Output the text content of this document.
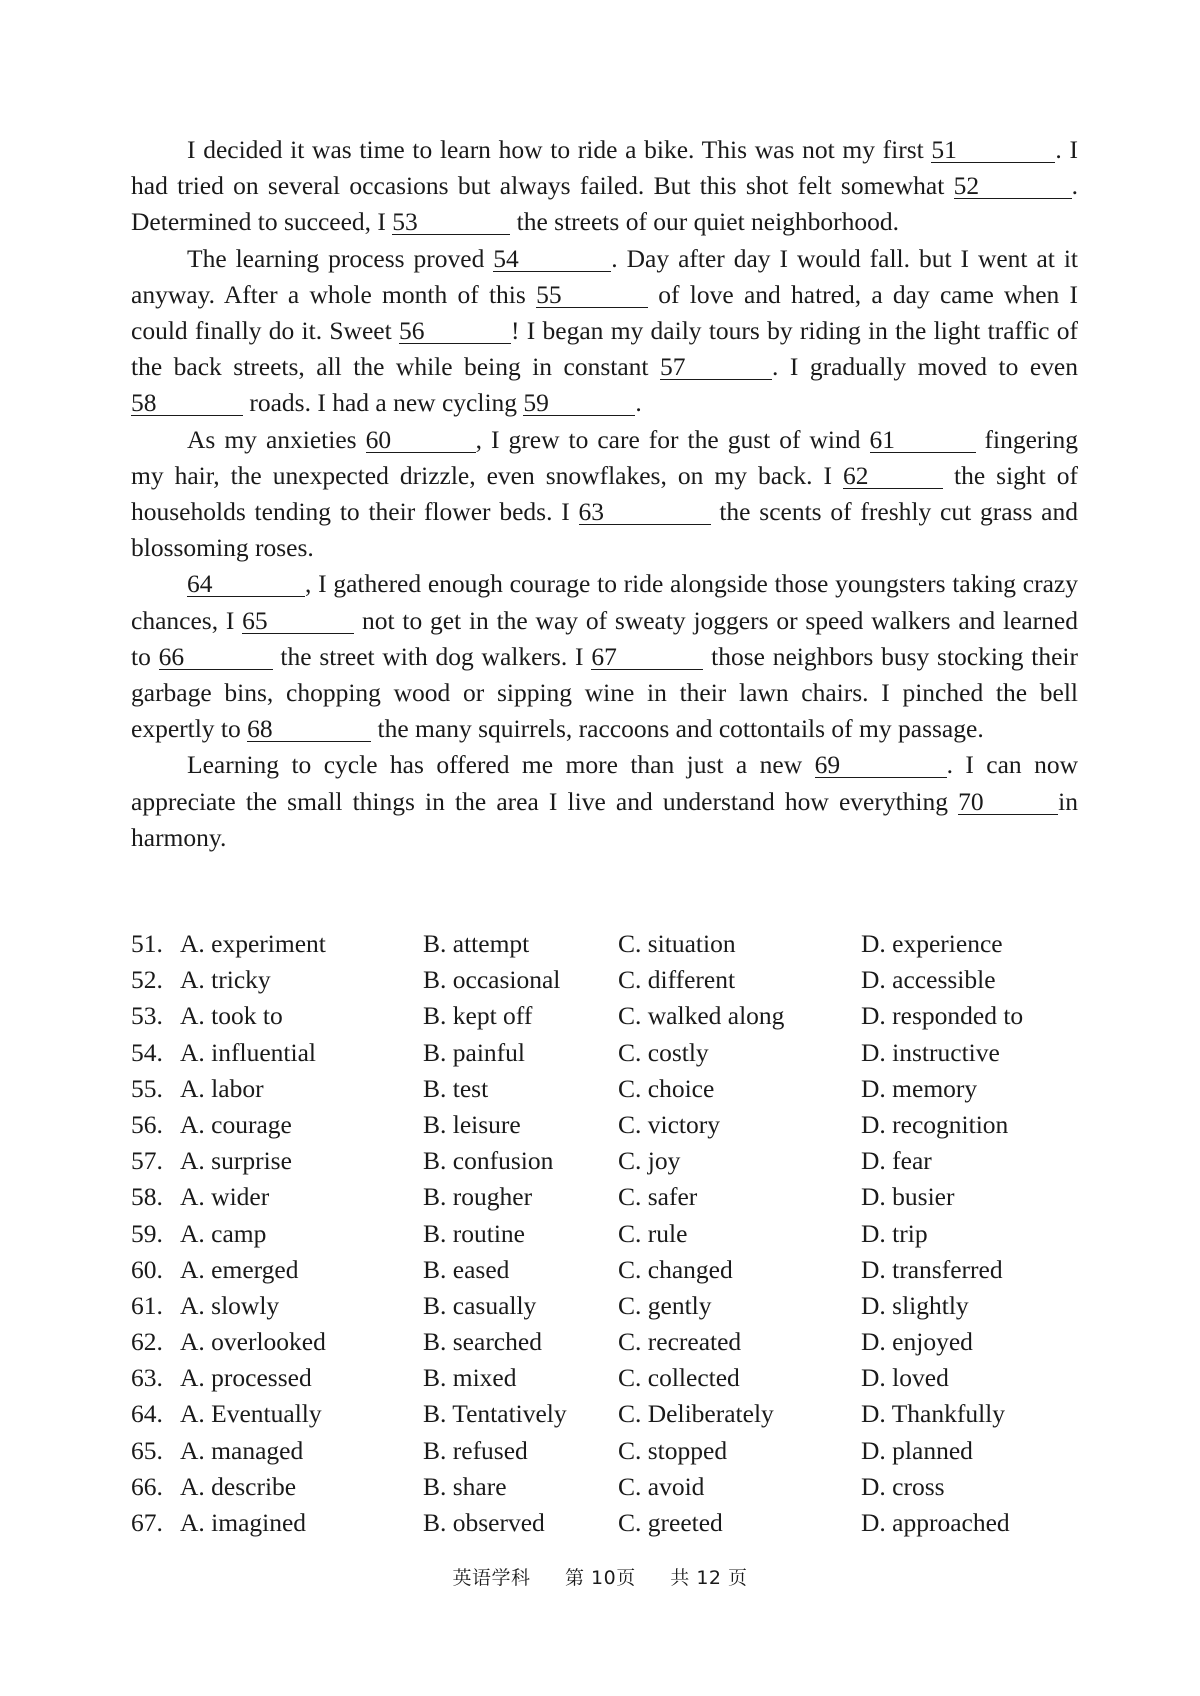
I decided it was time to learn how to ride a bike. This was not my first 51	. I had tried on several occasions but always failed. But this shot felt somewhat 52	. Determined to succeed, I 53	the streets of our quiet neighborhood.

The learning process proved 54	. Day after day I would fall. but I went at it anyway. After a whole month of this 55	of love and hatred, a day came when I could finally do it. Sweet 56	! I began my daily tours by riding in the light traffic of the back streets, all the while being in constant 57	. I gradually moved to even 58	roads. I had a new cycling 59	.

As my anxieties 60	, I grew to care for the gust of wind 61	fingering my hair, the unexpected drizzle, even snowflakes, on my back. I 62	the sight of households tending to their flower beds. I 63	the scents of freshly cut grass and blossoming roses.

64	, I gathered enough courage to ride alongside those youngsters taking crazy chances, I 65	not to get in the way of sweaty joggers or speed walkers and learned to 66	the street with dog walkers. I 67	those neighbors busy stocking their garbage bins, chopping wood or sipping wine in their lawn chairs. I pinched the bell expertly to 68	the many squirrels, raccoons and cottontails of my passage.

Learning to cycle has offered me more than just a new 69	. I can now appreciate the small things in the area I live and understand how everything 70	in harmony.

51. A. experiment	B. attempt	C. situation	D. experience
52. A. tricky	B. occasional C. different	D. accessible
53. A. took to	B. kept off	C. walked along	D. responded to
54. A. influential	B. painful	C. costly	D. instructive
55. A. labor	B. test	C. choice	D. memory
56. A. courage	B. leisure	C. victory	D. recognition
57. A. surprise	B. confusion	C. joy	D. fear
58. A. wider	B. rougher	C. safer	D. busier
59. A. camp	B. routine	C. rule	D. trip
60. A. emerged	B. eased	C. changed	D. transferred
61. A. slowly	B. casually	C. gently	D. slightly
62. A. overlooked	B. searched	C. recreated	D. enjoyed
63. A. processed	B. mixed	C. collected	D. loved
64. A. Eventually	B. Tentatively C. Deliberately	D. Thankfully
65. A. managed	B. refused	C. stopped	D. planned
66. A. describe	B. share	C. avoid	D. cross
67. A. imagined	B. observed	C. greeted	D. approached
英语学科 第 10页 共 12 页
